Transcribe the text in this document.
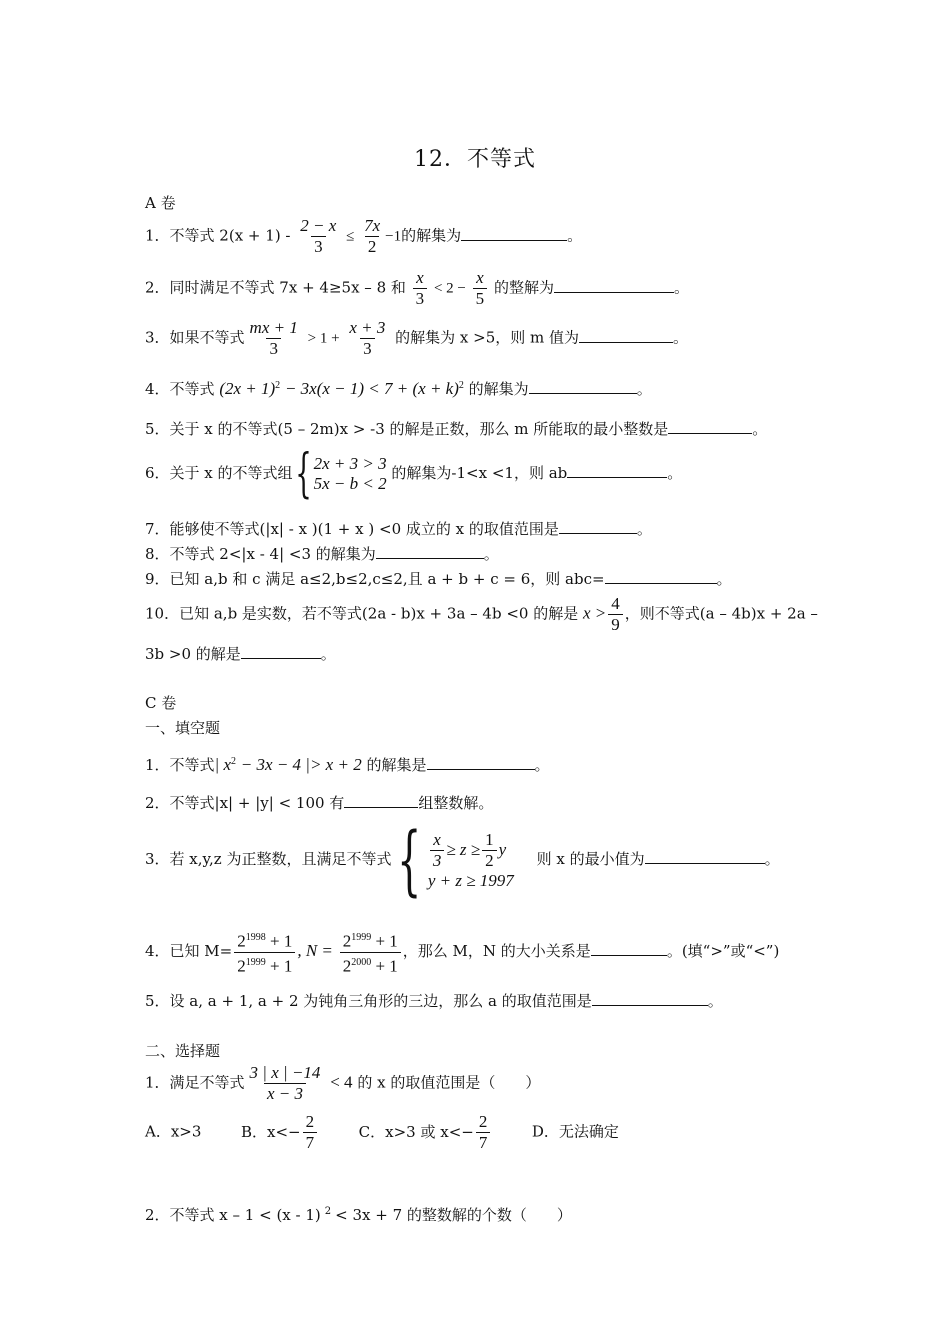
12．不等式
A 卷
1．不等式 $2(x + 1) - \frac{2 - x}{3} \le \frac{7x}{2} -1$的解集为	。
2．同时满足不等式 7x + 4≥5x – 8 和 $\frac{x}{3} < 2 - \frac{x}{5}$ 的整解为	。
3．如果不等式 $\frac{mx + 1}{3} > 1 + \frac{x + 3}{3}$ 的解集为 x >5，则 m 值为	。
4．不等式 $(2x + 1)^2 - 3x(x - 1) < 7 + (x + k)^2$ 的解集为	。
5．关于 x 的不等式(5 – 2m)x > -3 的解是正数，那么 m 所能取的最小整数是	。
6．关于 x 的不等式组 { 2x + 3 > 3
5x − b < 2
的解集为-1<x <1，则 ab	。
7．能够使不等式(|x| - x )(1 + x ) <0 成立的 x 的取值范围是	。
8．不等式 2<|x - 4| <3 的解集为	。
9．已知 a,b 和 c 满足 a≤2,b≤2,c≤2,且 a + b + c = 6，则 abc=	。
10．已知 a,b 是实数，若不等式(2a - b)x + 3a – 4b <0 的解是 $x > \frac{4}{9}$ ，则不等式(a – 4b)x + 2a –
3b >0 的解是	。
C 卷
一、填空题
1．不等式| $x^2 - 3x - 4$ |> x + 2 的解集是	。
2．不等式|x| + |y| < 100 有	组整数解。
3．若 x,y,z 为正整数，且满足不等式 { $\frac{x}{3} \ge z \ge \frac{1}{2}$ y
y + z ≥ 1997
则 x 的最小值为	。
4．已知 $M= \frac{2^{1998} + 1}{2^{1999} + 1}$ , $N = \frac{2^{1999} + 1}{2^{2000} + 1}$ ，那么 M，N 的大小关系是	。(填“>”或“<”)
5．设 a, a + 1, a + 2 为钝角三角形的三边，那么 a 的取值范围是	。
二、选择题
1．满足不等式 $\frac{3 | x | -14}{x - 3} < 4$ 的 x 的取值范围是（　　）
A．x>3	B．$x<- \frac{2}{7}$	C．x>3 或 $x<- \frac{2}{7}$	D．无法确定
2．不等式 x – 1 < (x - 1) $^2$ < 3x + 7 的整数解的个数（　　）
